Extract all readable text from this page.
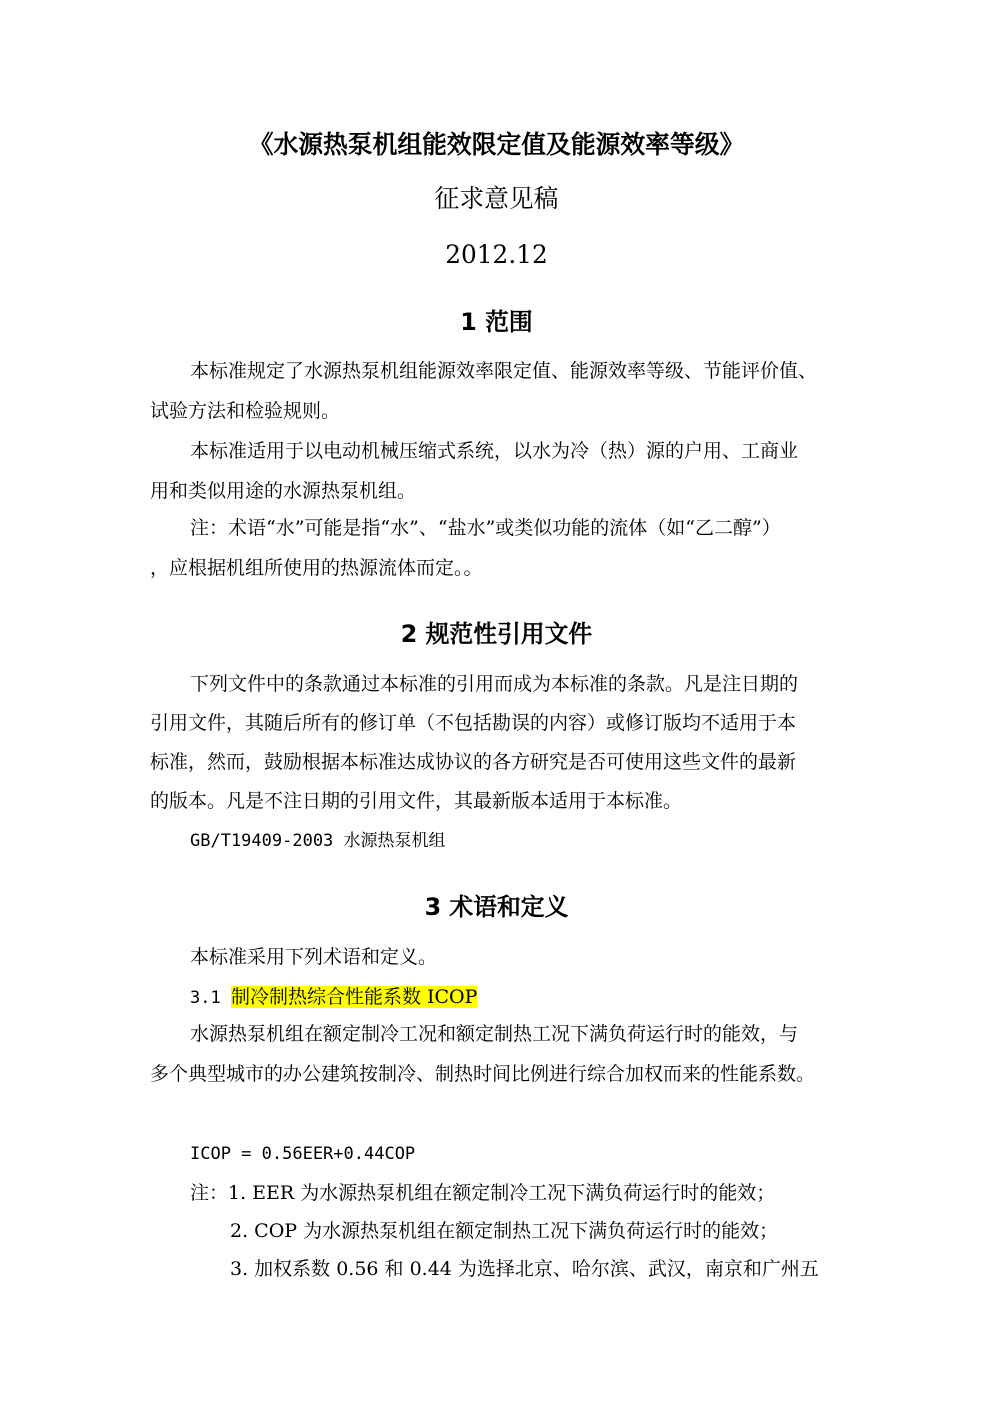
《水源热泵机组能效限定值及能源效率等级》
征求意见稿
2012.12
1 范围
本标准规定了水源热泵机组能源效率限定值、能源效率等级、节能评价值、
试验方法和检验规则。
本标准适用于以电动机械压缩式系统，以水为冷（热）源的户用、工商业
用和类似用途的水源热泵机组。
注：术语“水”可能是指“水”、“盐水”或类似功能的流体（如“乙二醇”）
，应根据机组所使用的热源流体而定。。
2 规范性引用文件
下列文件中的条款通过本标准的引用而成为本标准的条款。凡是注日期的
引用文件，其随后所有的修订单（不包括勘误的内容）或修订版均不适用于本
标准，然而，鼓励根据本标准达成协议的各方研究是否可使用这些文件的最新
的版本。凡是不注日期的引用文件，其最新版本适用于本标准。
GB/T19409-2003 水源热泵机组
3 术语和定义
本标准采用下列术语和定义。
3.1 制冷制热综合性能系数 ICOP
水源热泵机组在额定制冷工况和额定制热工况下满负荷运行时的能效，与
多个典型城市的办公建筑按制冷、制热时间比例进行综合加权而来的性能系数。
ICOP = 0.56EER+0.44COP
注：1. EER 为水源热泵机组在额定制冷工况下满负荷运行时的能效；
2. COP 为水源热泵机组在额定制热工况下满负荷运行时的能效；
3. 加权系数 0.56 和 0.44 为选择北京、哈尔滨、武汉，南京和广州五
